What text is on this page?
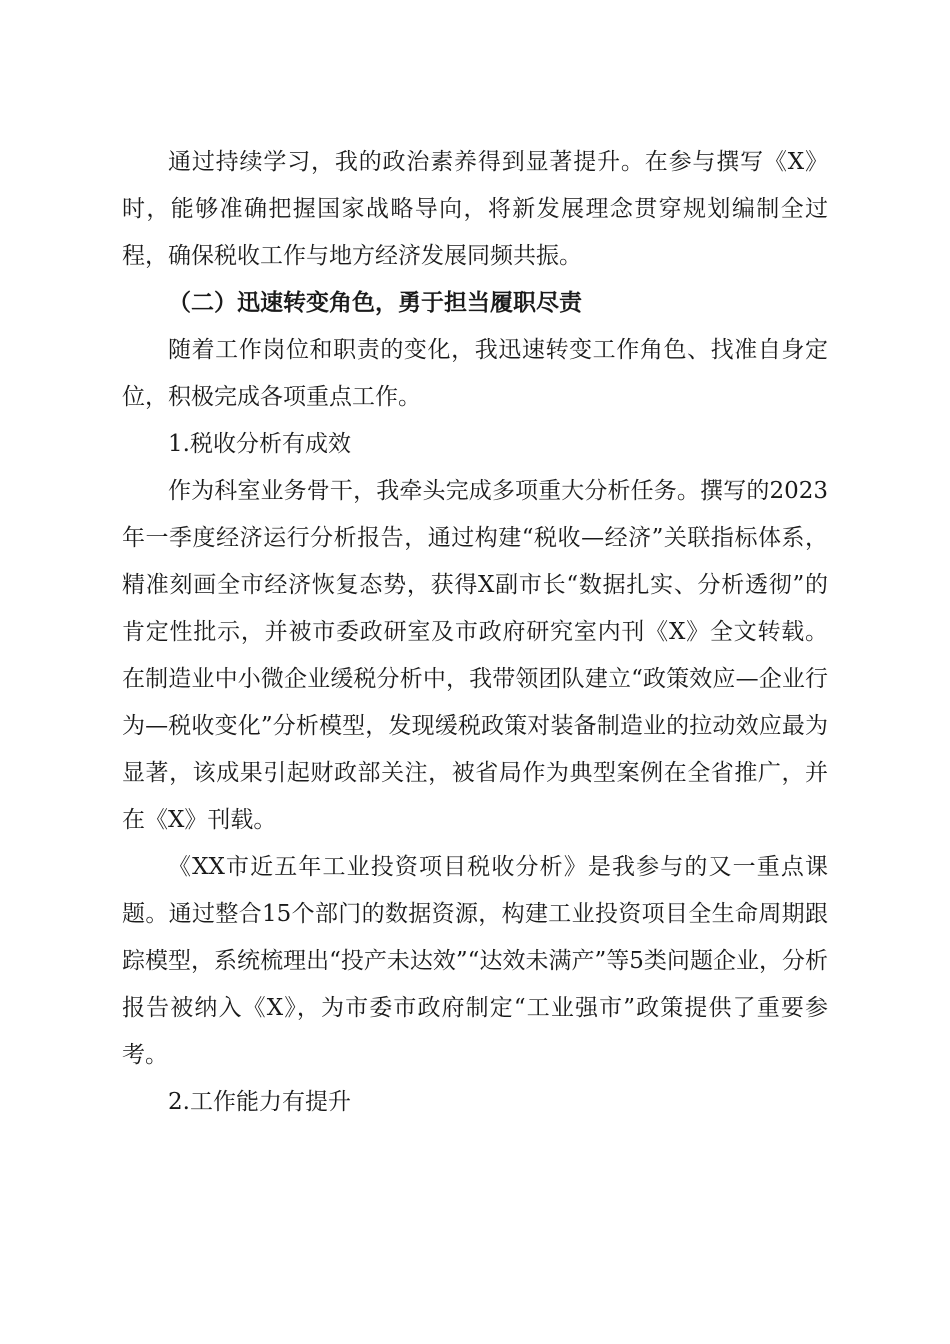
通过持续学习，我的政治素养得到显著提升。在参与撰写《X》时，能够准确把握国家战略导向，将新发展理念贯穿规划编制全过程，确保税收工作与地方经济发展同频共振。

（二）迅速转变角色，勇于担当履职尽责

随着工作岗位和职责的变化，我迅速转变工作角色、找准自身定位，积极完成各项重点工作。

1.税收分析有成效

作为科室业务骨干，我牵头完成多项重大分析任务。撰写的2023年一季度经济运行分析报告，通过构建“税收—经济”关联指标体系，精准刻画全市经济恢复态势，获得X副市长“数据扎实、分析透彻”的肯定性批示，并被市委政研室及市政府研究室内刊《X》全文转载。在制造业中小微企业缓税分析中，我带领团队建立“政策效应—企业行为—税收变化”分析模型，发现缓税政策对装备制造业的拉动效应最为显著，该成果引起财政部关注，被省局作为典型案例在全省推广，并在《X》刊载。

《XX市近五年工业投资项目税收分析》是我参与的又一重点课题。通过整合15个部门的数据资源，构建工业投资项目全生命周期跟踪模型，系统梳理出“投产未达效”“达效未满产”等5类问题企业，分析报告被纳入《X》，为市委市政府制定“工业强市”政策提供了重要参考。

2.工作能力有提升
